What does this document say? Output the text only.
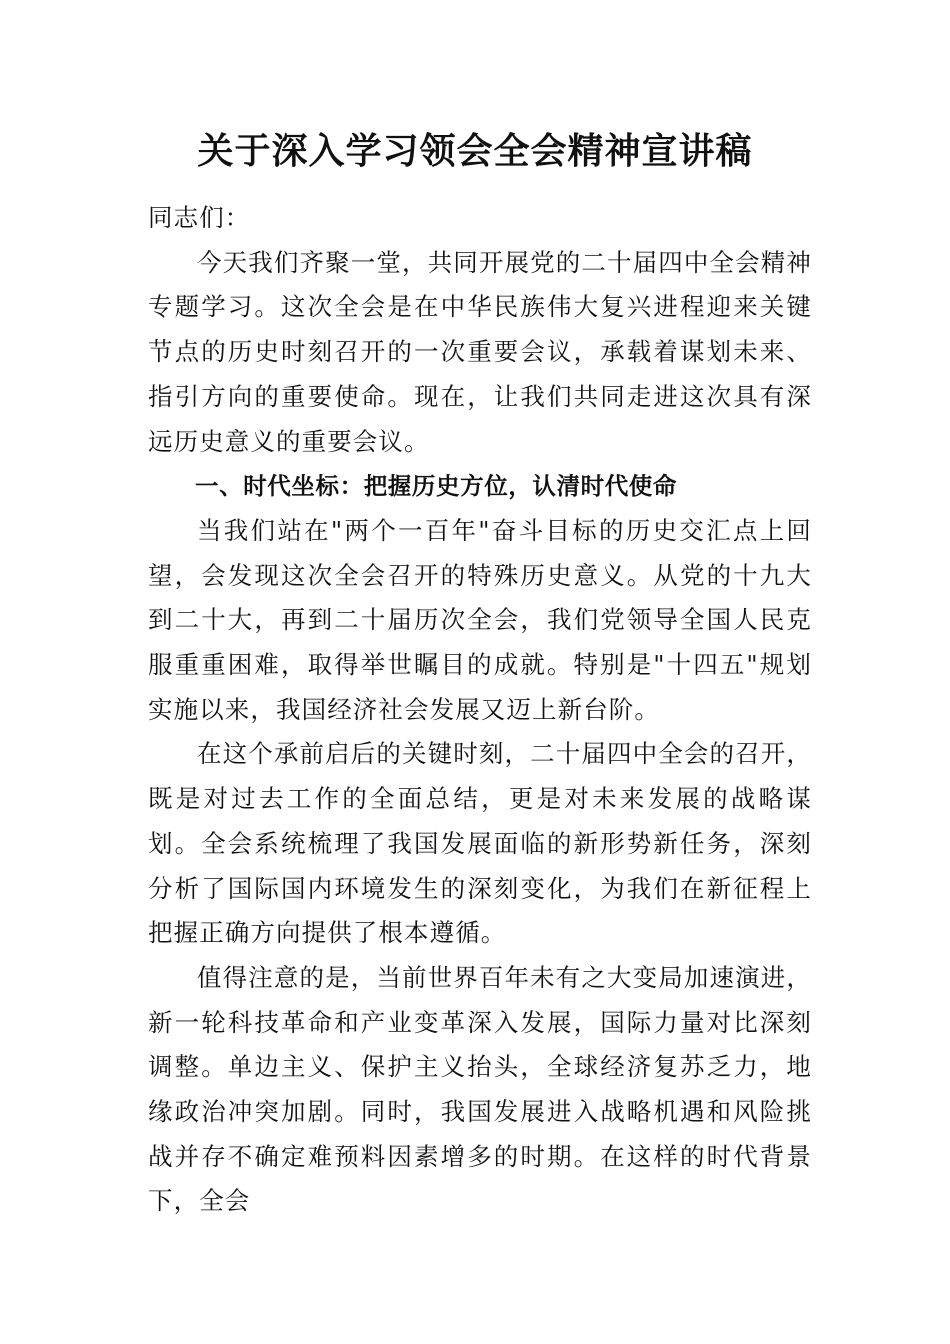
关于深入学习领会全会精神宣讲稿

同志们：

今天我们齐聚一堂，共同开展党的二十届四中全会精神专题学习。这次全会是在中华民族伟大复兴进程迎来关键节点的历史时刻召开的一次重要会议，承载着谋划未来、指引方向的重要使命。现在，让我们共同走进这次具有深远历史意义的重要会议。

一、时代坐标：把握历史方位，认清时代使命

当我们站在"两个一百年"奋斗目标的历史交汇点上回望，会发现这次全会召开的特殊历史意义。从党的十九大到二十大，再到二十届历次全会，我们党领导全国人民克服重重困难，取得举世瞩目的成就。特别是"十四五"规划实施以来，我国经济社会发展又迈上新台阶。

在这个承前启后的关键时刻，二十届四中全会的召开，既是对过去工作的全面总结，更是对未来发展的战略谋划。全会系统梳理了我国发展面临的新形势新任务，深刻分析了国际国内环境发生的深刻变化，为我们在新征程上把握正确方向提供了根本遵循。

值得注意的是，当前世界百年未有之大变局加速演进，新一轮科技革命和产业变革深入发展，国际力量对比深刻调整。单边主义、保护主义抬头，全球经济复苏乏力，地缘政治冲突加剧。同时，我国发展进入战略机遇和风险挑战并存不确定难预料因素增多的时期。在这样的时代背景下，全会
